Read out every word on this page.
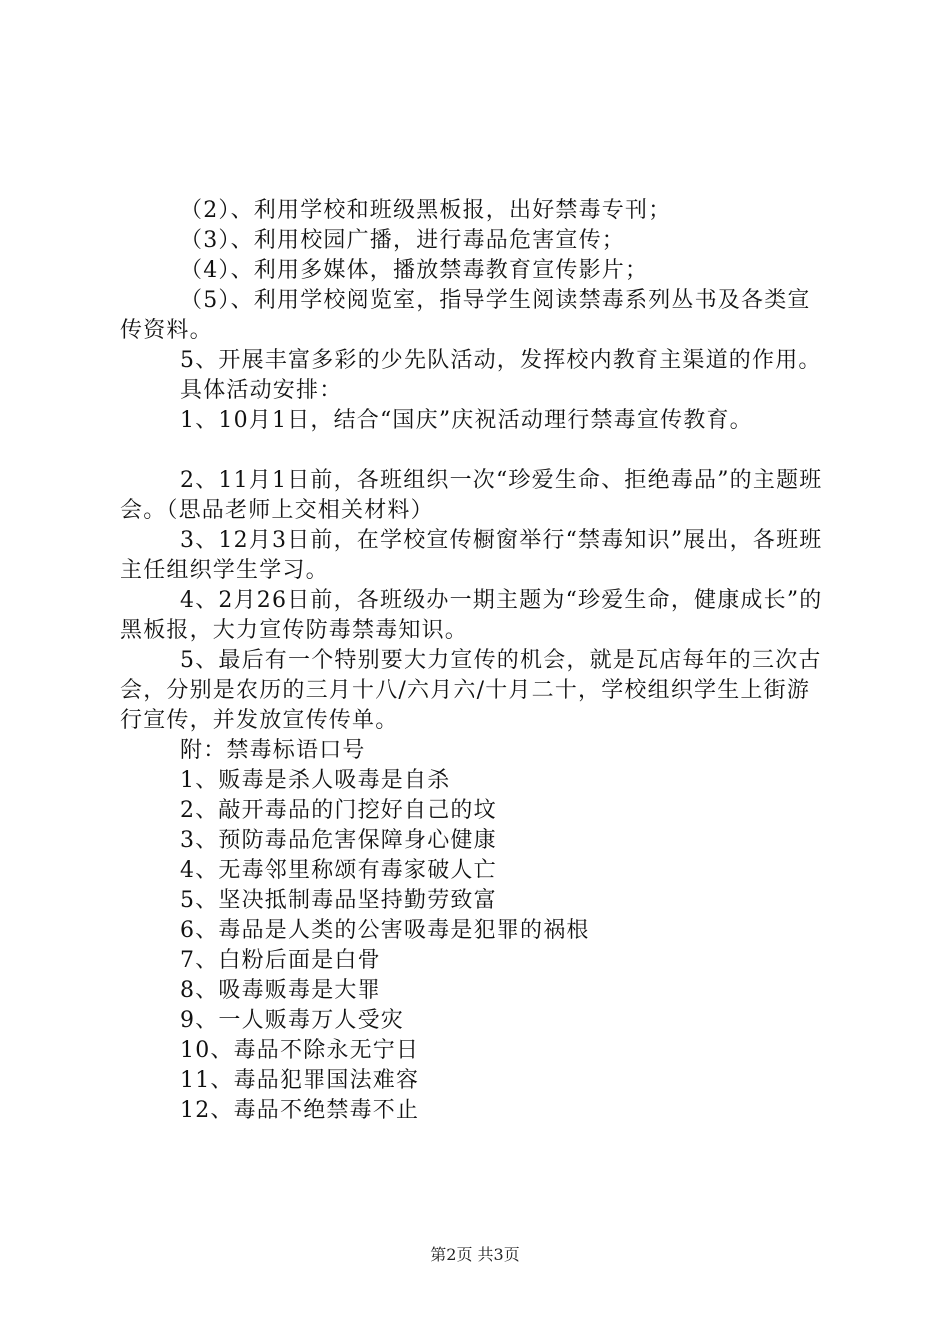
（2）、利用学校和班级黑板报，出好禁毒专刊；

（3）、利用校园广播，进行毒品危害宣传；

（4）、利用多媒体，播放禁毒教育宣传影片；

（5）、利用学校阅览室，指导学生阅读禁毒系列丛书及各类宣传资料。

5、开展丰富多彩的少先队活动，发挥校内教育主渠道的作用。

具体活动安排：

1、10月1日，结合“国庆”庆祝活动理行禁毒宣传教育。

2、11月1日前，各班组织一次“珍爱生命、拒绝毒品”的主题班会。（思品老师上交相关材料）

3、12月3日前，在学校宣传橱窗举行“禁毒知识”展出，各班班主任组织学生学习。

4、2月26日前，各班级办一期主题为“珍爱生命，健康成长”的黑板报，大力宣传防毒禁毒知识。

5、最后有一个特别要大力宣传的机会，就是瓦店每年的三次古会，分别是农历的三月十八/六月六/十月二十，学校组织学生上街游行宣传，并发放宣传传单。

附：禁毒标语口号

1、贩毒是杀人吸毒是自杀

2、敲开毒品的门挖好自己的坟

3、预防毒品危害保障身心健康

4、无毒邻里称颂有毒家破人亡

5、坚决抵制毒品坚持勤劳致富

6、毒品是人类的公害吸毒是犯罪的祸根

7、白粉后面是白骨

8、吸毒贩毒是大罪

9、一人贩毒万人受灾

10、毒品不除永无宁日

11、毒品犯罪国法难容

12、毒品不绝禁毒不止

第2页 共3页
